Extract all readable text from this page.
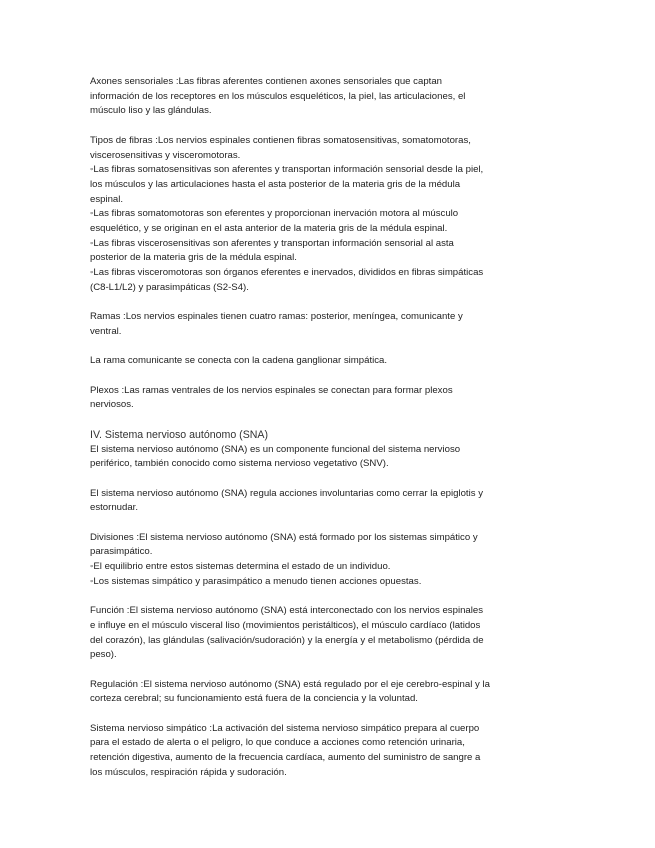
Axones sensoriales :Las fibras aferentes contienen axones sensoriales que captan
información de los receptores en los músculos esqueléticos, la piel, las articulaciones, el
músculo liso y las glándulas.
Tipos de fibras :Los nervios espinales contienen fibras somatosensitivas, somatomotoras,
viscerosensitivas y visceromotoras.
◦Las fibras somatosensitivas son aferentes y transportan información sensorial desde la piel,
los músculos y las articulaciones hasta el asta posterior de la materia gris de la médula
espinal.
◦Las fibras somatomotoras son eferentes y proporcionan inervación motora al músculo
esquelético, y se originan en el asta anterior de la materia gris de la médula espinal.
◦Las fibras viscerosensitivas son aferentes y transportan información sensorial al asta
posterior de la materia gris de la médula espinal.
◦Las fibras visceromotoras son órganos eferentes e inervados, divididos en fibras simpáticas
(C8-L1/L2) y parasimpáticas (S2-S4).
Ramas :Los nervios espinales tienen cuatro ramas: posterior, meníngea, comunicante y
ventral.
La rama comunicante se conecta con la cadena ganglionar simpática.
Plexos :Las ramas ventrales de los nervios espinales se conectan para formar plexos
nerviosos.
IV. Sistema nervioso autónomo (SNA)
El sistema nervioso autónomo (SNA) es un componente funcional del sistema nervioso
periférico, también conocido como sistema nervioso vegetativo (SNV).
El sistema nervioso autónomo (SNA) regula acciones involuntarias como cerrar la epiglotis y
estornudar.
Divisiones :El sistema nervioso autónomo (SNA) está formado por los sistemas simpático y
parasimpático.
◦El equilibrio entre estos sistemas determina el estado de un individuo.
◦Los sistemas simpático y parasimpático a menudo tienen acciones opuestas.
Función :El sistema nervioso autónomo (SNA) está interconectado con los nervios espinales
e influye en el músculo visceral liso (movimientos peristálticos), el músculo cardíaco (latidos
del corazón), las glándulas (salivación/sudoración) y la energía y el metabolismo (pérdida de
peso).
Regulación :El sistema nervioso autónomo (SNA) está regulado por el eje cerebro-espinal y la
corteza cerebral; su funcionamiento está fuera de la conciencia y la voluntad.
Sistema nervioso simpático :La activación del sistema nervioso simpático prepara al cuerpo
para el estado de alerta o el peligro, lo que conduce a acciones como retención urinaria,
retención digestiva, aumento de la frecuencia cardíaca, aumento del suministro de sangre a
los músculos, respiración rápida y sudoración.
